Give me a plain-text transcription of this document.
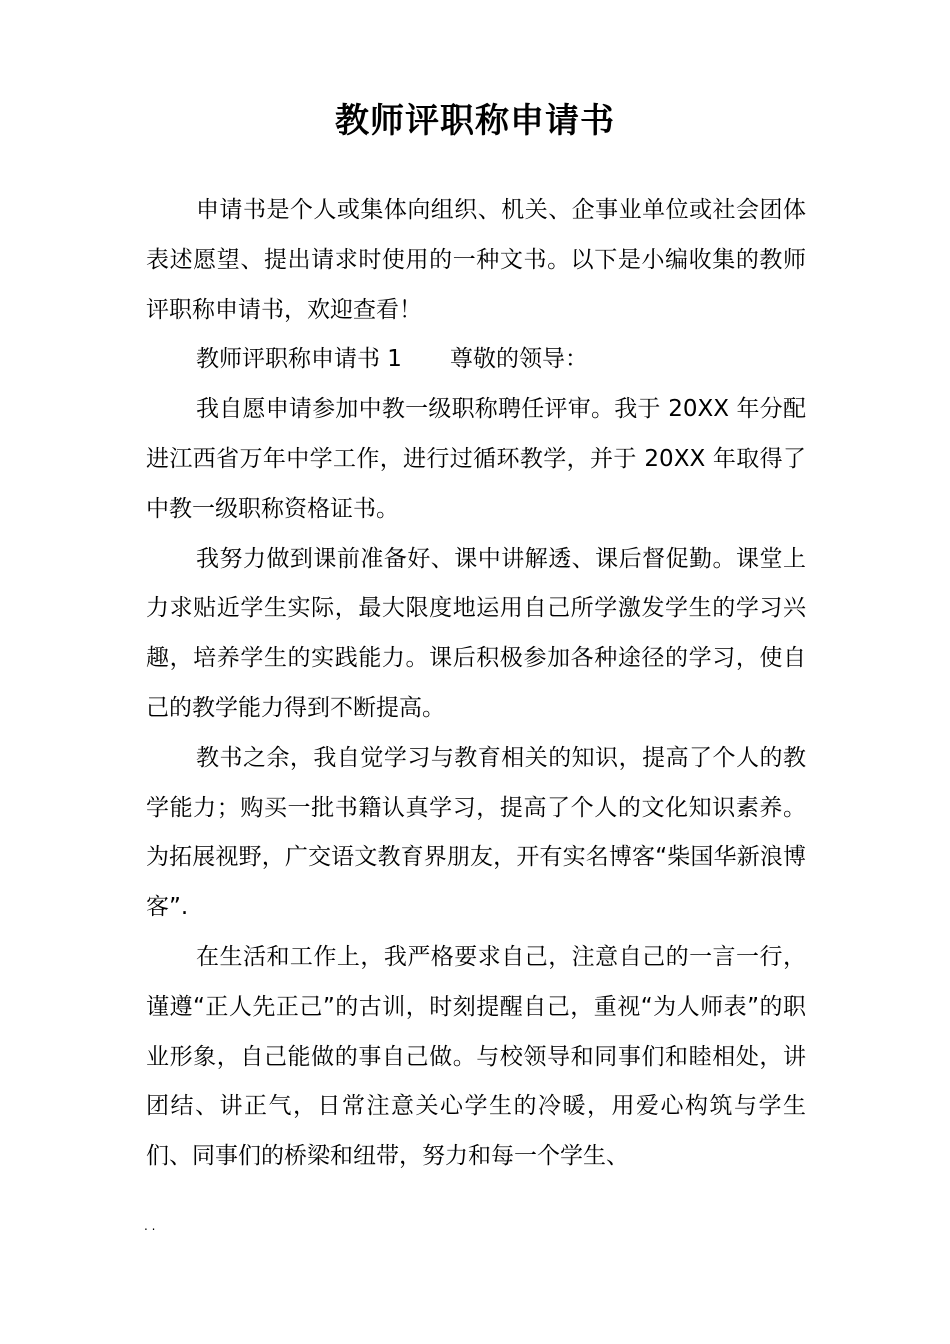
教师评职称申请书

申请书是个人或集体向组织、机关、企事业单位或社会团体表述愿望、提出请求时使用的一种文书。以下是小编收集的教师评职称申请书，欢迎查看！

教师评职称申请书 1 尊敬的领导：

我自愿申请参加中教一级职称聘任评审。我于 20XX 年分配进江西省万年中学工作，进行过循环教学，并于 20XX 年取得了中教一级职称资格证书。

我努力做到课前准备好、课中讲解透、课后督促勤。课堂上力求贴近学生实际，最大限度地运用自己所学激发学生的学习兴趣，培养学生的实践能力。课后积极参加各种途径的学习，使自己的教学能力得到不断提高。

教书之余，我自觉学习与教育相关的知识，提高了个人的教学能力；购买一批书籍认真学习，提高了个人的文化知识素养。为拓展视野，广交语文教育界朋友，开有实名博客“柴国华新浪博客”.

在生活和工作上，我严格要求自己，注意自己的一言一行，谨遵“正人先正己”的古训，时刻提醒自己，重视“为人师表”的职业形象，自己能做的事自己做。与校领导和同事们和睦相处，讲团结、讲正气，日常注意关心学生的冷暖，用爱心构筑与学生们、同事们的桥梁和纽带，努力和每一个学生、

. .
